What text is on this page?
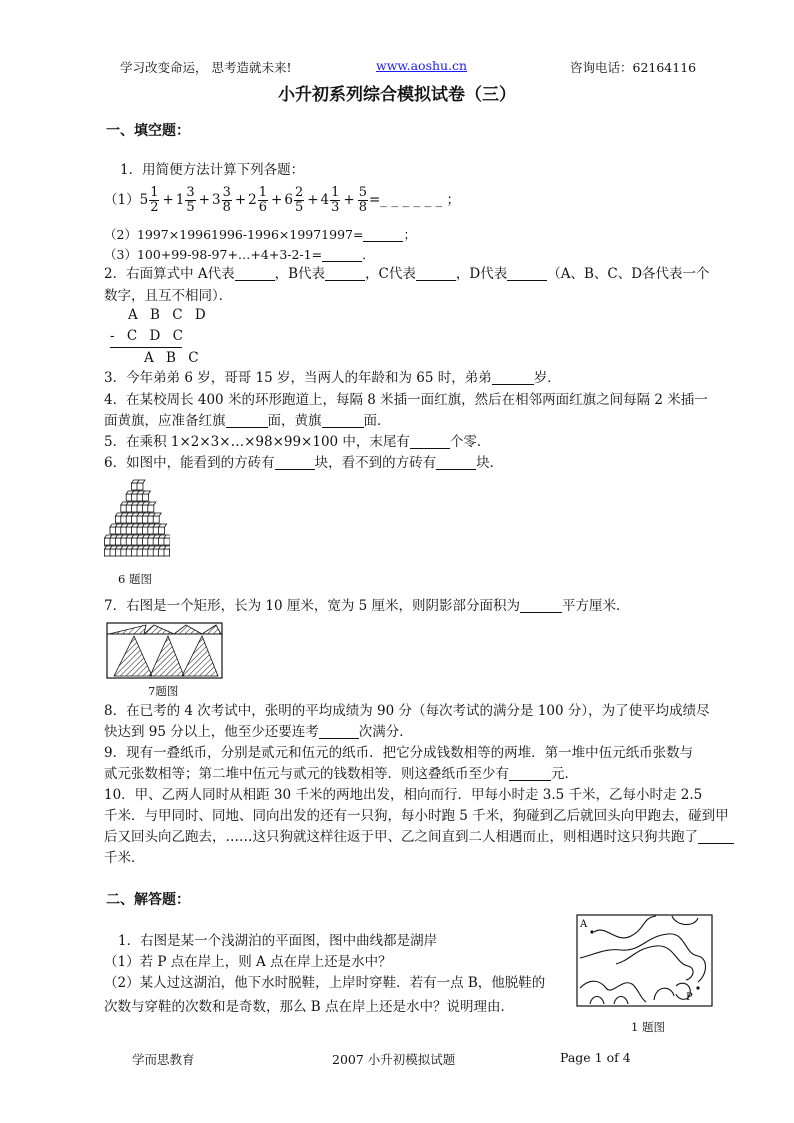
学习改变命运， 思考造就未来!	www.aoshu.cn	咨询电话：62164116
小升初系列综合模拟试卷（三）
一、填空题：
1．用简便方法计算下列各题：
$(1)5 \frac{1}{2} + 1 \frac{3}{5} + 3 \frac{3}{8} + 2 \frac{1}{6} + 6 \frac{2}{5} + 4 \frac{1}{3} + \frac{5}{8}$ =_ _ _ _ _ _ ；
（2）1997×19961996-1996×19971997=	；
（3）100+99-98-97+…+4+3-2-1=	．
2．右面算式中 A代表	，B代表	，C代表	，D代表	（A、B、C、D各代表一个
数字，且互不相同）．
A B C D
- C D C
A B C
3．今年弟弟 6 岁，哥哥 15 岁，当两人的年龄和为 65 时，弟弟	岁．
4．在某校周长 400 米的环形跑道上，每隔 8 米插一面红旗，然后在相邻两面红旗之间每隔 2 米插一
面黄旗，应准备红旗	面，黄旗	面．
5．在乘积 1×2×3×…×98×99×100 中，末尾有	个零．
6．如图中，能看到的方砖有	块，看不到的方砖有	块．
6 题图
7．右图是一个矩形，长为 10 厘米，宽为 5 厘米，则阴影部分面积为	平方厘米．
7题图
8．在已考的 4 次考试中，张明的平均成绩为 90 分（每次考试的满分是 100 分），为了使平均成绩尽
快达到 95 分以上，他至少还要连考	次满分．
9．现有一叠纸币，分别是贰元和伍元的纸币．把它分成钱数相等的两堆．第一堆中伍元纸币张数与
贰元张数相等；第二堆中伍元与贰元的钱数相等．则这叠纸币至少有	元．
10．甲、乙两人同时从相距 30 千米的两地出发，相向而行．甲每小时走 3.5 千米，乙每小时走 2.5
千米．与甲同时、同地、同向出发的还有一只狗，每小时跑 5 千米，狗碰到乙后就回头向甲跑去，碰到甲
后又回头向乙跑去，……这只狗就这样往返于甲、乙之间直到二人相遇而止，则相遇时这只狗共跑了
千米．
二、解答题：
1．右图是某一个浅湖泊的平面图，图中曲线都是湖岸
（1）若 P 点在岸上，则 A 点在岸上还是水中？
（2）某人过这湖泊，他下水时脱鞋，上岸时穿鞋．若有一点 B，他脱鞋的次数与穿鞋的次数和是奇数，那么 B 点在岸上还是水中？说明理由．
A
P
1 题图
学而思教育	2007 小升初模拟试题	Page 1 of 4
